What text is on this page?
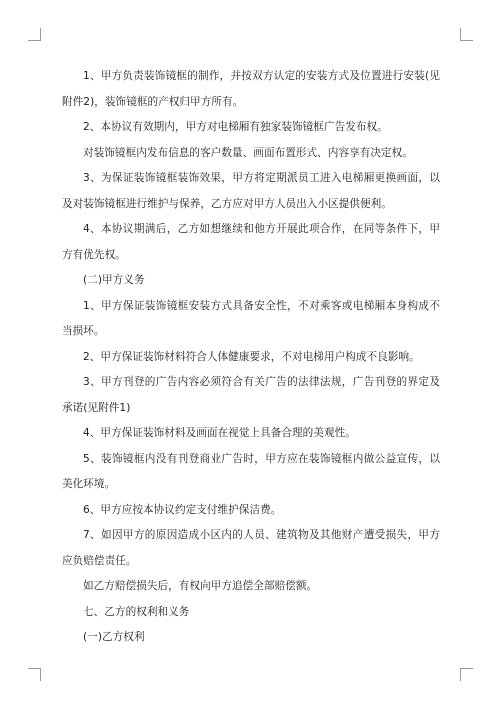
1、甲方负责装饰镜框的制作，并按双方认定的安装方式及位置进行安装(见附件2)，装饰镜框的产权归甲方所有。

2、本协议有效期内，甲方对电梯厢有独家装饰镜框广告发布权。

对装饰镜框内发布信息的客户数量、画面布置形式、内容享有决定权。

3、为保证装饰镜框装饰效果，甲方将定期派员工进入电梯厢更换画面，以及对装饰镜框进行维护与保养，乙方应对甲方人员出入小区提供便利。

4、本协议期满后，乙方如想继续和他方开展此项合作，在同等条件下，甲方有优先权。

(二)甲方义务

1、甲方保证装饰镜框安装方式具备安全性，不对乘客或电梯厢本身构成不当损坏。

2、甲方保证装饰材料符合人体健康要求，不对电梯用户构成不良影响。

3、甲方刊登的广告内容必须符合有关广告的法律法规，广告刊登的界定及承诺(见附件1)

4、甲方保证装饰材料及画面在视觉上具备合理的美观性。

5、装饰镜框内没有刊登商业广告时，甲方应在装饰镜框内做公益宣传，以美化环境。

6、甲方应按本协议约定支付维护保洁费。

7、如因甲方的原因造成小区内的人员、建筑物及其他财产遭受损失，甲方应负赔偿责任。

如乙方赔偿损失后，有权向甲方追偿全部赔偿额。

七、乙方的权利和义务

(一)乙方权利
